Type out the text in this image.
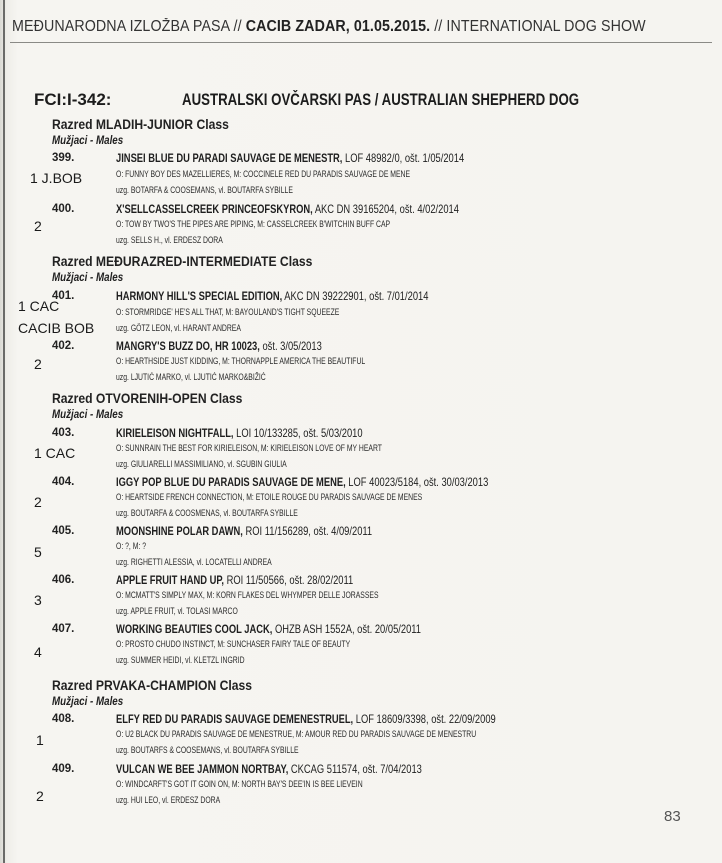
MEĐUNARODNA IZLOŽBA PASA // CACIB ZADAR, 01.05.2015. // INTERNATIONAL DOG SHOW
FCI:I-342:	AUSTRALSKI OVČARSKI PAS / AUSTRALIAN SHEPHERD DOG
Razred MLADIH-JUNIOR Class
Mužjaci - Males
399.	JINSEI BLUE DU PARADI SAUVAGE DE MENESTR, LOF 48982/0, ošt. 1/05/2014
O: FUNNY BOY DES MAZELLIERES, M: COCCINELE RED DU PARADIS SAUVAGE DE MENE
uzg. BOTARFA & COOSEMANS, vl. BOUTARFA SYBILLE
1 J.BOB
400.	X'SELLCASSELCREEK PRINCEOFSKYRON, AKC DN 39165204, ošt. 4/02/2014
O: TOW BY TWO'S THE PIPES ARE PIPING, M: CASSELCREEK B'WITCHIN BUFF CAP
uzg. SELLS H., vl. ERDESZ DORA
2
Razred MEĐURAZRED-INTERMEDIATE Class
Mužjaci - Males
401.	HARMONY HILL'S SPECIAL EDITION, AKC DN 39222901, ošt. 7/01/2014
O: STORMRIDGE' HE'S ALL THAT, M: BAYOULAND'S TIGHT SQUEEZE
uzg. GÖTZ LEON, vl. HARANT ANDREA
1 CAC
CACIB BOB
402.	MANGRY'S BUZZ DO, HR 10023, ošt. 3/05/2013
O: HEARTHSIDE JUST KIDDING, M: THORNAPPLE AMERICA THE BEAUTIFUL
uzg. LJUTIĆ MARKO, vl. LJUTIĆ MARKO&BIŽIĆ
2
Razred OTVORENIH-OPEN Class
Mužjaci - Males
403.	KIRIELEISON NIGHTFALL, LOI 10/133285, ošt. 5/03/2010
O: SUNNRAIN THE BEST FOR KIRIELEISON, M: KIRIELEISON LOVE OF MY HEART
uzg. GIULIARELLI MASSIMILIANO, vl. SGUBIN GIULIA
1 CAC
404.	IGGY POP BLUE DU PARADIS SAUVAGE DE MENE, LOF 40023/5184, ošt. 30/03/2013
O: HEARTSIDE FRENCH CONNECTION, M: ETOILE ROUGE DU PARADIS SAUVAGE DE MENES
uzg. BOUTARFA & COOSMENAS, vl. BOUTARFA SYBILLE
2
405.	MOONSHINE POLAR DAWN, ROI 11/156289, ošt. 4/09/2011
O: ?, M: ?
uzg. RIGHETTI ALESSIA, vl. LOCATELLI ANDREA
5
406.	APPLE FRUIT HAND UP, ROI 11/50566, ošt. 28/02/2011
O: MCMATT'S SIMPLY MAX, M: KORN FLAKES DEL WHYMPER DELLE JORASSES
uzg. APPLE FRUIT, vl. TOLASI MARCO
3
407.	WORKING BEAUTIES COOL JACK, OHZB ASH 1552A, ošt. 20/05/2011
O: PROSTO CHUDO INSTINCT, M: SUNCHASER FAIRY TALE OF BEAUTY
uzg. SUMMER HEIDI, vl. KLETZL INGRID
4
Razred PRVAKA-CHAMPION Class
Mužjaci - Males
408.	ELFY RED DU PARADIS SAUVAGE DEMENESTRUEL, LOF 18609/3398, ošt. 22/09/2009
O: U2 BLACK DU PARADIS SAUVAGE DE MENESTRUE, M: AMOUR RED DU PARADIS SAUVAGE DE MENESTRU
uzg. BOUTARFS & COOSEMANS, vl. BOUTARFA SYBILLE
1
409.	VULCAN WE BEE JAMMON NORTBAY, CKCAG 511574, ošt. 7/04/2013
O: WINDCARFT'S GOT IT GOIN ON, M: NORTH BAY'S DEE'IN IS BEE LIEVEIN
uzg. HUI LEO, vl. ERDESZ DORA
2
83
